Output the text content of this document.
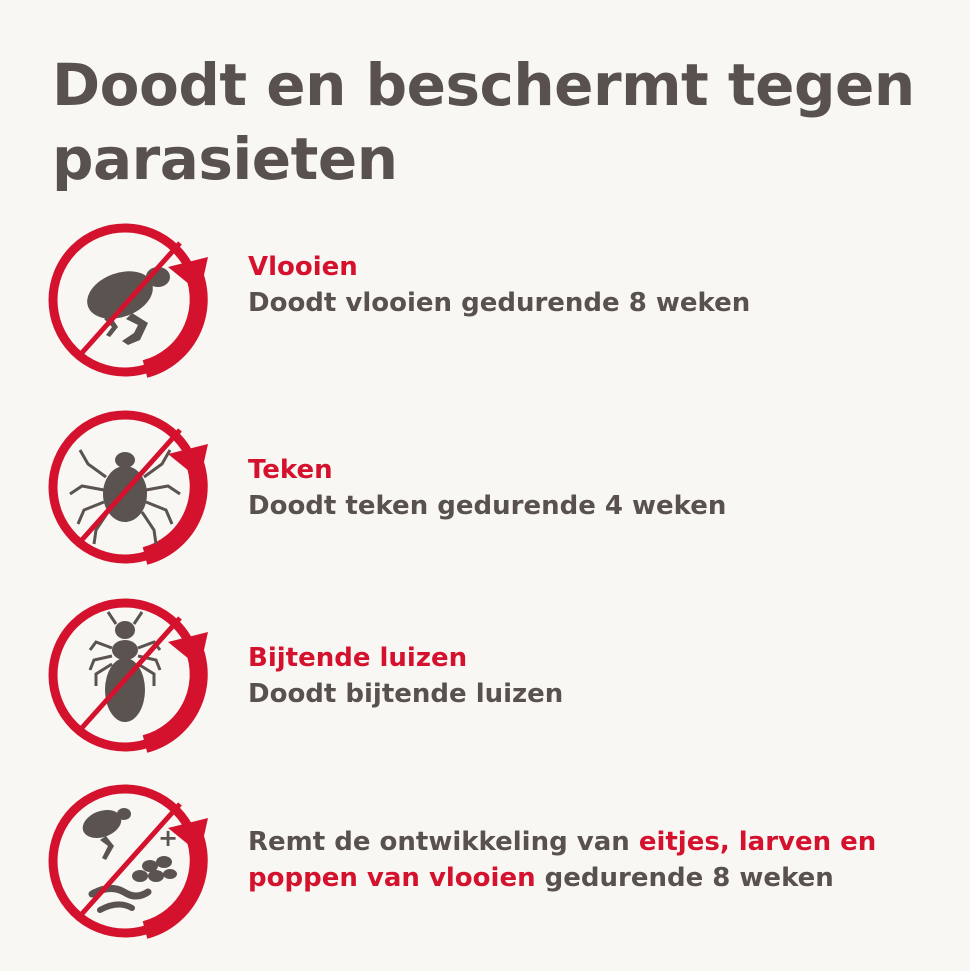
Doodt en beschermt tegen
parasieten
Vlooien
Doodt vlooien gedurende 8 weken
Teken
Doodt teken gedurende 4 weken
Bijtende luizen
Doodt bijtende luizen
+	Remt de ontwikkeling van eitjes, larven en
poppen van vlooien gedurende 8 weken
